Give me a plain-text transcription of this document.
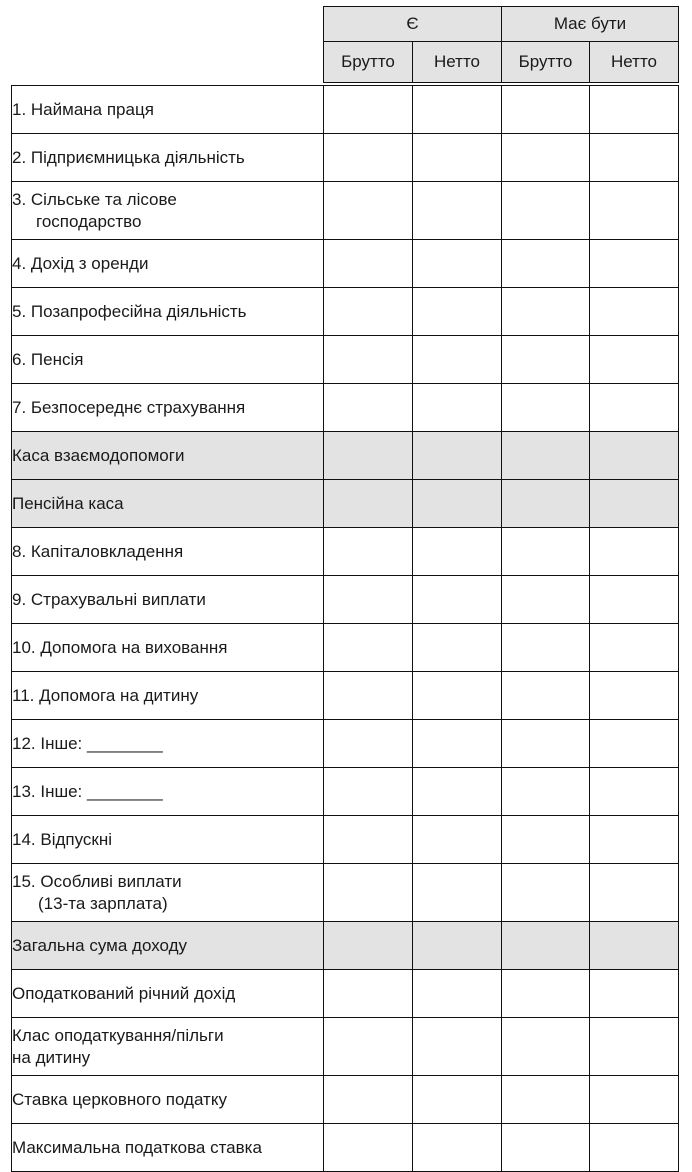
	Є		Має бути	
	Брутто	Нетто	Брутто	Нетто

1. Наймана праця				

2. Підприємницька діяльність				

3. Сільське та лісове
господарство				

4. Дохід з оренди				

5. Позапрофесійна діяльність				

6. Пенсія				

7. Безпосереднє страхування				

Каса взаємодопомоги				

Пенсійна каса				

8. Капіталовкладення				

9. Страхувальні виплати				

10. Допомога на виховання				

11. Допомога на дитину				

12. Інше: ________				

13. Інше: ________				

14. Відпускні				

15. Особливі виплати
(13-та зарплата)				

Загальна сума доходу				

Оподаткований річний дохід				

Клас оподаткування/пільги
на дитину				

Ставка церковного податку				

Максимальна податкова ставка				
